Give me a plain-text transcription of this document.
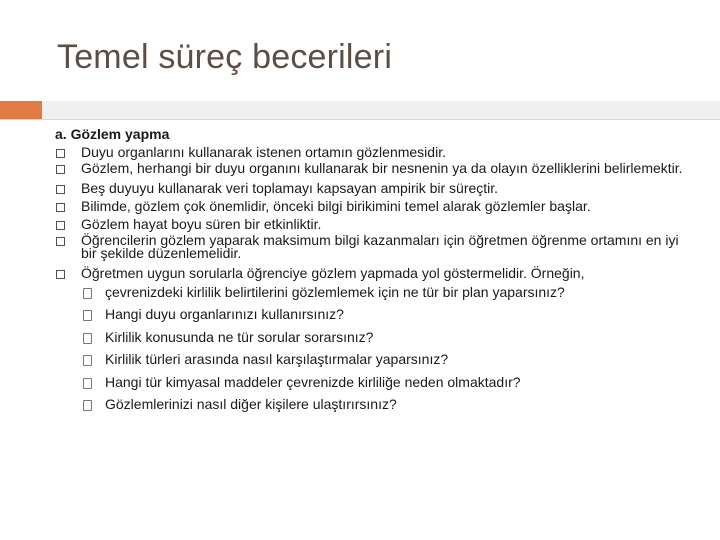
Temel süreç becerileri
a. Gözlem yapma
Duyu organlarını kullanarak istenen ortamın gözlenmesidir.
Gözlem, herhangi bir duyu organını kullanarak bir nesnenin ya da olayın özelliklerini belirlemektir.
Beş duyuyu kullanarak veri toplamayı kapsayan ampirik bir süreçtir.
Bilimde, gözlem çok önemlidir, önceki bilgi birikimini temel alarak gözlemler başlar.
Gözlem hayat boyu süren bir etkinliktir.
Öğrencilerin gözlem yaparak maksimum bilgi kazanmaları için öğretmen öğrenme ortamını en iyi bir şekilde düzenlemelidir.
Öğretmen uygun sorularla öğrenciye gözlem yapmada yol göstermelidir. Örneğin,
çevrenizdeki kirlilik belirtilerini gözlemlemek için ne tür bir plan yaparsınız?
Hangi duyu organlarınızı kullanırsınız?
Kirlilik konusunda ne tür sorular sorarsınız?
Kirlilik türleri arasında nasıl karşılaştırmalar yaparsınız?
Hangi tür kimyasal maddeler çevrenizde kirliliğe neden olmaktadır?
Gözlemlerinizi nasıl diğer kişilere ulaştırırsınız?
